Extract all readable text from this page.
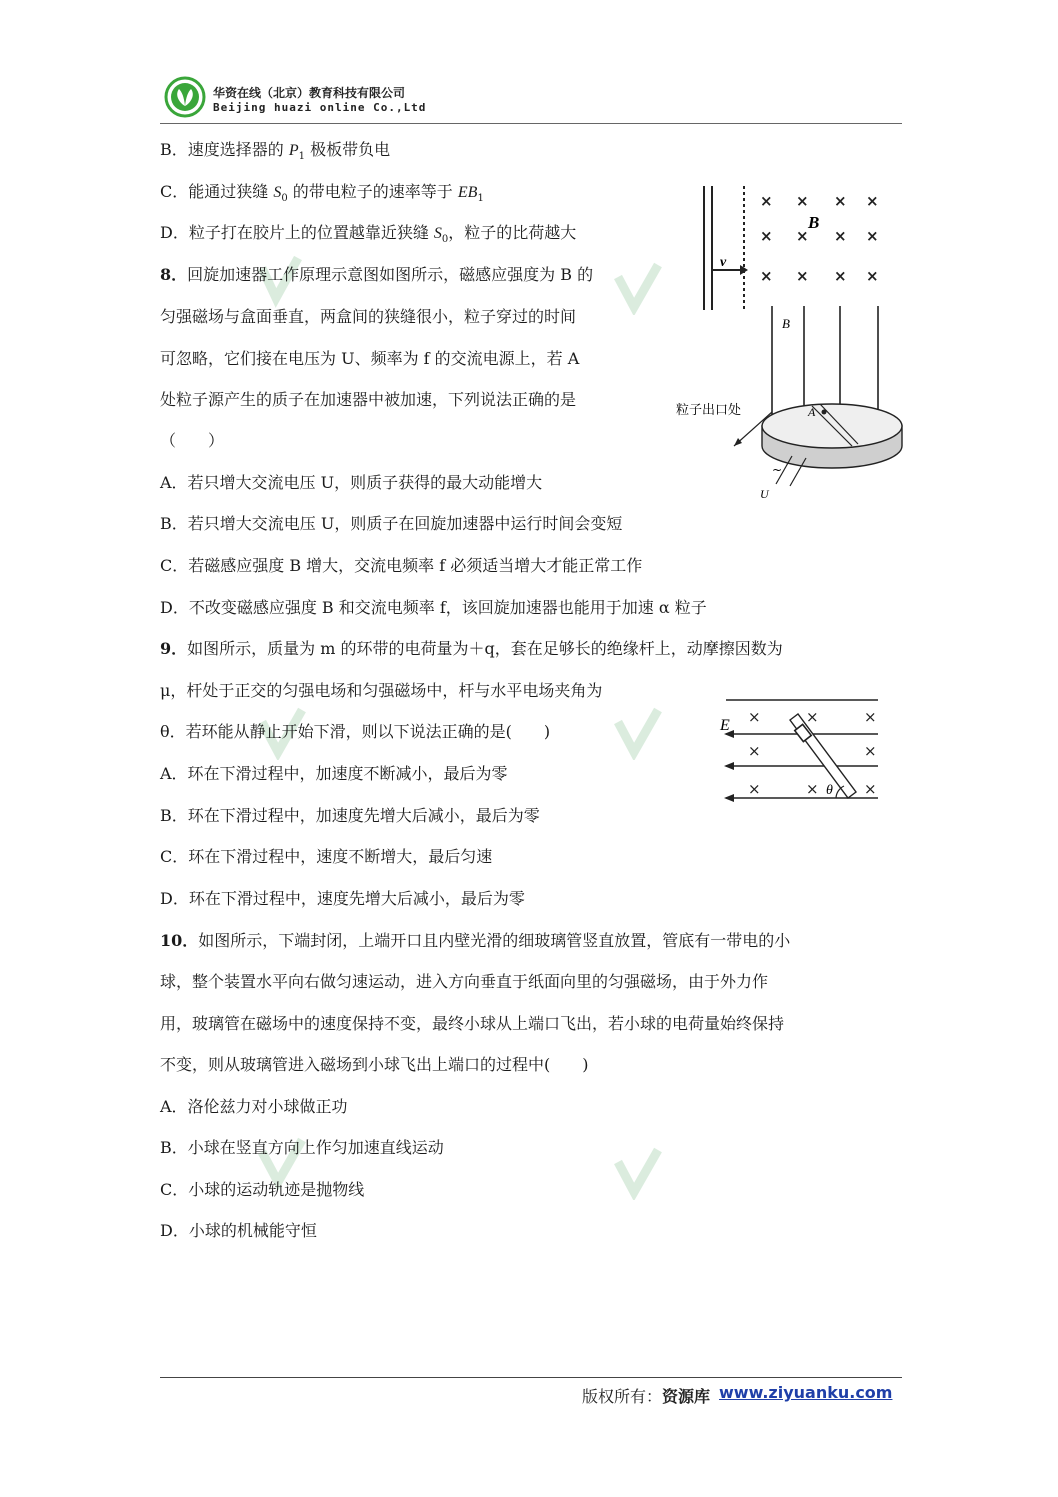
华资在线（北京）教育科技有限公司
Beijing huazi online Co.,Ltd
B．速度选择器的 $P_1$ 极板带负电
C．能通过狭缝 $S_0$ 的带电粒子的速率等于 $EB_1$
D．粒子打在胶片上的位置越靠近狭缝 $S_0$，粒子的比荷越大
v
B
× × × ×
× × × ×
× × × ×
8．回旋加速器工作原理示意图如图所示，磁感应强度为 B 的
匀强磁场与盒面垂直，两盒间的狭缝很小，粒子穿过的时间
可忽略，它们接在电压为 U、频率为 f 的交流电源上，若 A
处粒子源产生的质子在加速器中被加速，下列说法正确的是
（　　）
B
A
粒子出口处
~
U
A．若只增大交流电压 U，则质子获得的最大动能增大
B．若只增大交流电压 U，则质子在回旋加速器中运行时间会变短
C．若磁感应强度 B 增大，交流电频率 f 必须适当增大才能正常工作
D．不改变磁感应强度 B 和交流电频率 f，该回旋加速器也能用于加速 α 粒子
9．如图所示，质量为 m 的环带的电荷量为＋q，套在足够长的绝缘杆上，动摩擦因数为
μ，杆处于正交的匀强电场和匀强磁场中，杆与水平电场夹角为
θ．若环能从静止开始下滑，则以下说法正确的是(　　)
A．环在下滑过程中，加速度不断减小，最后为零
B．环在下滑过程中，加速度先增大后减小，最后为零
C．环在下滑过程中，速度不断增大，最后匀速
D．环在下滑过程中，速度先增大后减小，最后为零
E ×	×	×
×	×
×	×	×
θ
10．如图所示，下端封闭，上端开口且内壁光滑的细玻璃管竖直放置，管底有一带电的小
球，整个装置水平向右做匀速运动，进入方向垂直于纸面向里的匀强磁场，由于外力作
用，玻璃管在磁场中的速度保持不变，最终小球从上端口飞出，若小球的电荷量始终保持
不变，则从玻璃管进入磁场到小球飞出上端口的过程中(　　)
A．洛伦兹力对小球做正功
B．小球在竖直方向上作匀加速直线运动
C．小球的运动轨迹是抛物线
D．小球的机械能守恒
版权所有：资源库 www.ziyuanku.com
